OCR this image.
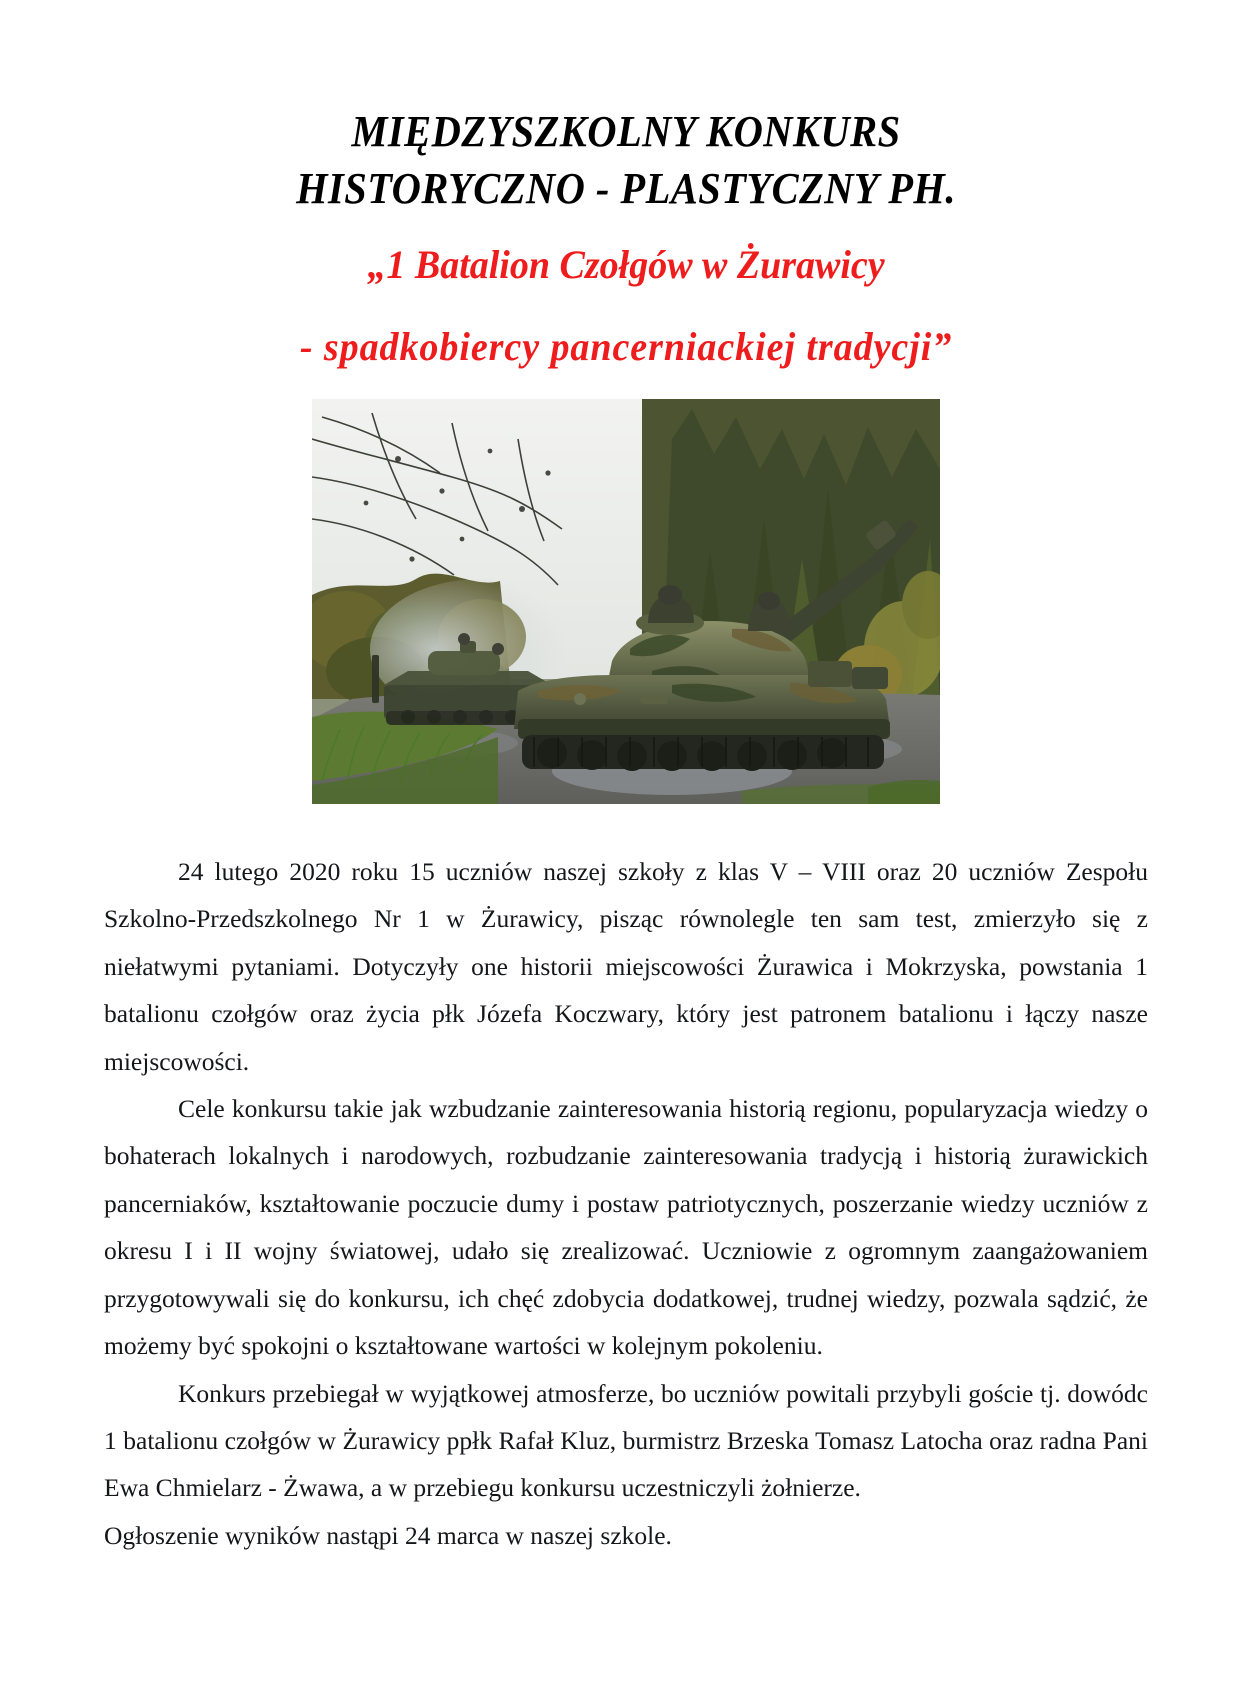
MIĘDZYSZKOLNY KONKURS
HISTORYCZNO - PLASTYCZNY PH.
„1 Batalion Czołgów w Żurawicy
- spadkobiercy pancerniackiej tradycji”

24 lutego 2020 roku 15 uczniów naszej szkoły z klas V – VIII oraz 20 uczniów Zespołu Szkolno-Przedszkolnego Nr 1 w Żurawicy, pisząc równolegle ten sam test, zmierzyło się z niełatwymi pytaniami. Dotyczyły one historii miejscowości Żurawica i Mokrzyska, powstania 1 batalionu czołgów oraz życia płk Józefa Koczwary, który jest patronem batalionu i łączy nasze miejscowości.

Cele konkursu takie jak wzbudzanie zainteresowania historią regionu, popularyzacja wiedzy o bohaterach lokalnych i narodowych, rozbudzanie zainteresowania tradycją i historią żurawickich pancerniaków, kształtowanie poczucie dumy i postaw patriotycznych, poszerzanie wiedzy uczniów z okresu I i II wojny światowej, udało się zrealizować. Uczniowie z ogromnym zaangażowaniem przygotowywali się do konkursu, ich chęć zdobycia dodatkowej, trudnej wiedzy, pozwala sądzić, że możemy być spokojni o kształtowane wartości w kolejnym pokoleniu.

Konkurs przebiegał w wyjątkowej atmosferze, bo uczniów powitali przybyli goście tj. dowódc 1 batalionu czołgów w Żurawicy ppłk Rafał Kluz, burmistrz Brzeska Tomasz Latocha oraz radna Pani Ewa Chmielarz - Żwawa, a w przebiegu konkursu uczestniczyli żołnierze.

Ogłoszenie wyników nastąpi 24 marca w naszej szkole.
